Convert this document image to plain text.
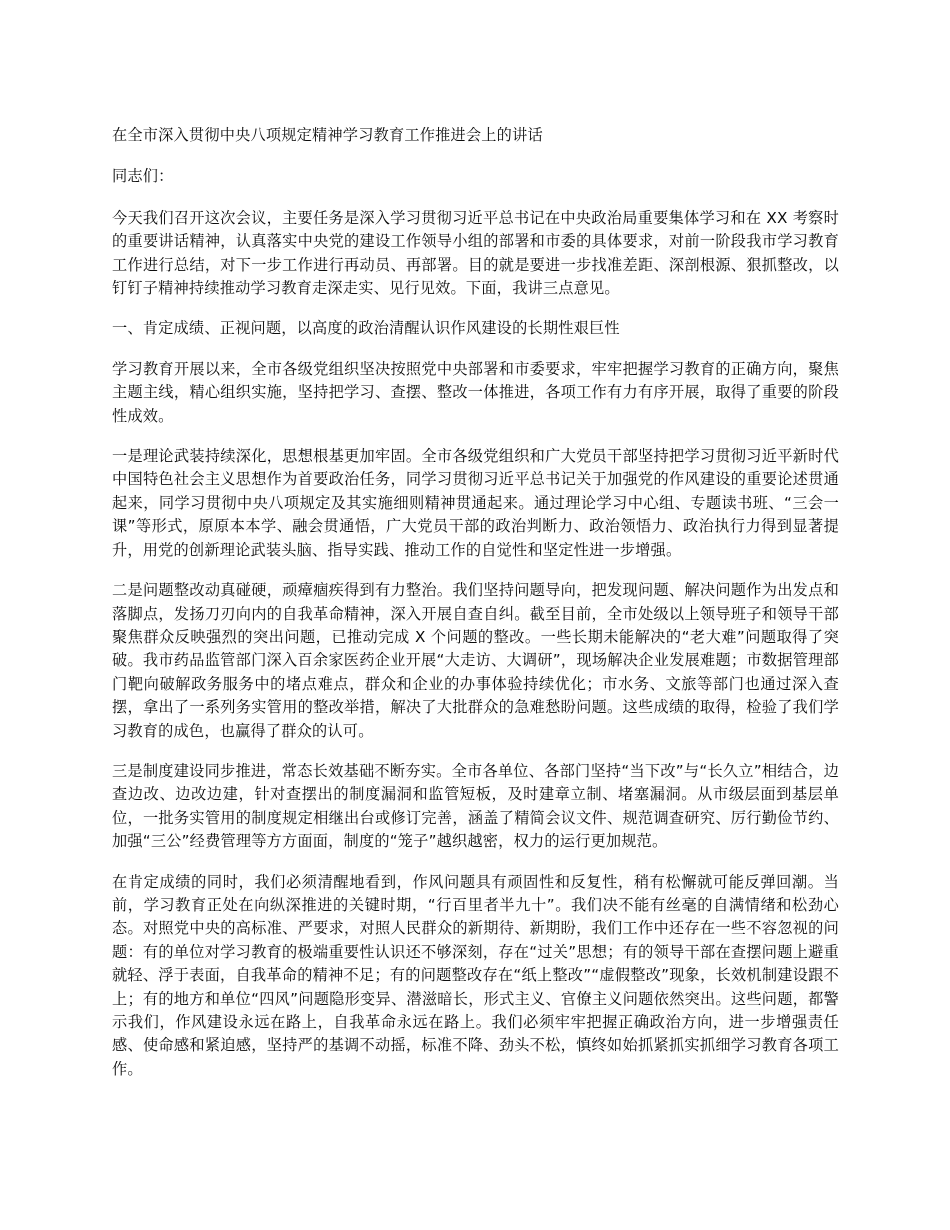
在全市深入贯彻中央八项规定精神学习教育工作推进会上的讲话

同志们：

今天我们召开这次会议，主要任务是深入学习贯彻习近平总书记在中央政治局重要集体学习和在 XX 考察时的重要讲话精神，认真落实中央党的建设工作领导小组的部署和市委的具体要求，对前一阶段我市学习教育工作进行总结，对下一步工作进行再动员、再部署。目的就是要进一步找准差距、深剖根源、狠抓整改，以钉钉子精神持续推动学习教育走深走实、见行见效。下面，我讲三点意见。

一、肯定成绩、正视问题，以高度的政治清醒认识作风建设的长期性艰巨性

学习教育开展以来，全市各级党组织坚决按照党中央部署和市委要求，牢牢把握学习教育的正确方向，聚焦主题主线，精心组织实施，坚持把学习、查摆、整改一体推进，各项工作有力有序开展，取得了重要的阶段性成效。

一是理论武装持续深化，思想根基更加牢固。全市各级党组织和广大党员干部坚持把学习贯彻习近平新时代中国特色社会主义思想作为首要政治任务，同学习贯彻习近平总书记关于加强党的作风建设的重要论述贯通起来，同学习贯彻中央八项规定及其实施细则精神贯通起来。通过理论学习中心组、专题读书班、“三会一课”等形式，原原本本学、融会贯通悟，广大党员干部的政治判断力、政治领悟力、政治执行力得到显著提升，用党的创新理论武装头脑、指导实践、推动工作的自觉性和坚定性进一步增强。

二是问题整改动真碰硬，顽瘴痼疾得到有力整治。我们坚持问题导向，把发现问题、解决问题作为出发点和落脚点，发扬刀刃向内的自我革命精神，深入开展自查自纠。截至目前，全市处级以上领导班子和领导干部聚焦群众反映强烈的突出问题，已推动完成 X 个问题的整改。一些长期未能解决的“老大难”问题取得了突破。我市药品监管部门深入百余家医药企业开展“大走访、大调研”，现场解决企业发展难题；市数据管理部门靶向破解政务服务中的堵点难点，群众和企业的办事体验持续优化；市水务、文旅等部门也通过深入查摆，拿出了一系列务实管用的整改举措，解决了大批群众的急难愁盼问题。这些成绩的取得，检验了我们学习教育的成色，也赢得了群众的认可。

三是制度建设同步推进，常态长效基础不断夯实。全市各单位、各部门坚持“当下改”与“长久立”相结合，边查边改、边改边建，针对查摆出的制度漏洞和监管短板，及时建章立制、堵塞漏洞。从市级层面到基层单位，一批务实管用的制度规定相继出台或修订完善，涵盖了精简会议文件、规范调查研究、厉行勤俭节约、加强“三公”经费管理等方方面面，制度的“笼子”越织越密，权力的运行更加规范。

在肯定成绩的同时，我们必须清醒地看到，作风问题具有顽固性和反复性，稍有松懈就可能反弹回潮。当前，学习教育正处在向纵深推进的关键时期，“行百里者半九十”。我们决不能有丝毫的自满情绪和松劲心态。对照党中央的高标准、严要求，对照人民群众的新期待、新期盼，我们工作中还存在一些不容忽视的问题：有的单位对学习教育的极端重要性认识还不够深刻，存在“过关”思想；有的领导干部在查摆问题上避重就轻、浮于表面，自我革命的精神不足；有的问题整改存在“纸上整改”“虚假整改”现象，长效机制建设跟不上；有的地方和单位“四风”问题隐形变异、潜滋暗长，形式主义、官僚主义问题依然突出。这些问题，都警示我们，作风建设永远在路上，自我革命永远在路上。我们必须牢牢把握正确政治方向，进一步增强责任感、使命感和紧迫感，坚持严的基调不动摇，标准不降、劲头不松，慎终如始抓紧抓实抓细学习教育各项工作。
